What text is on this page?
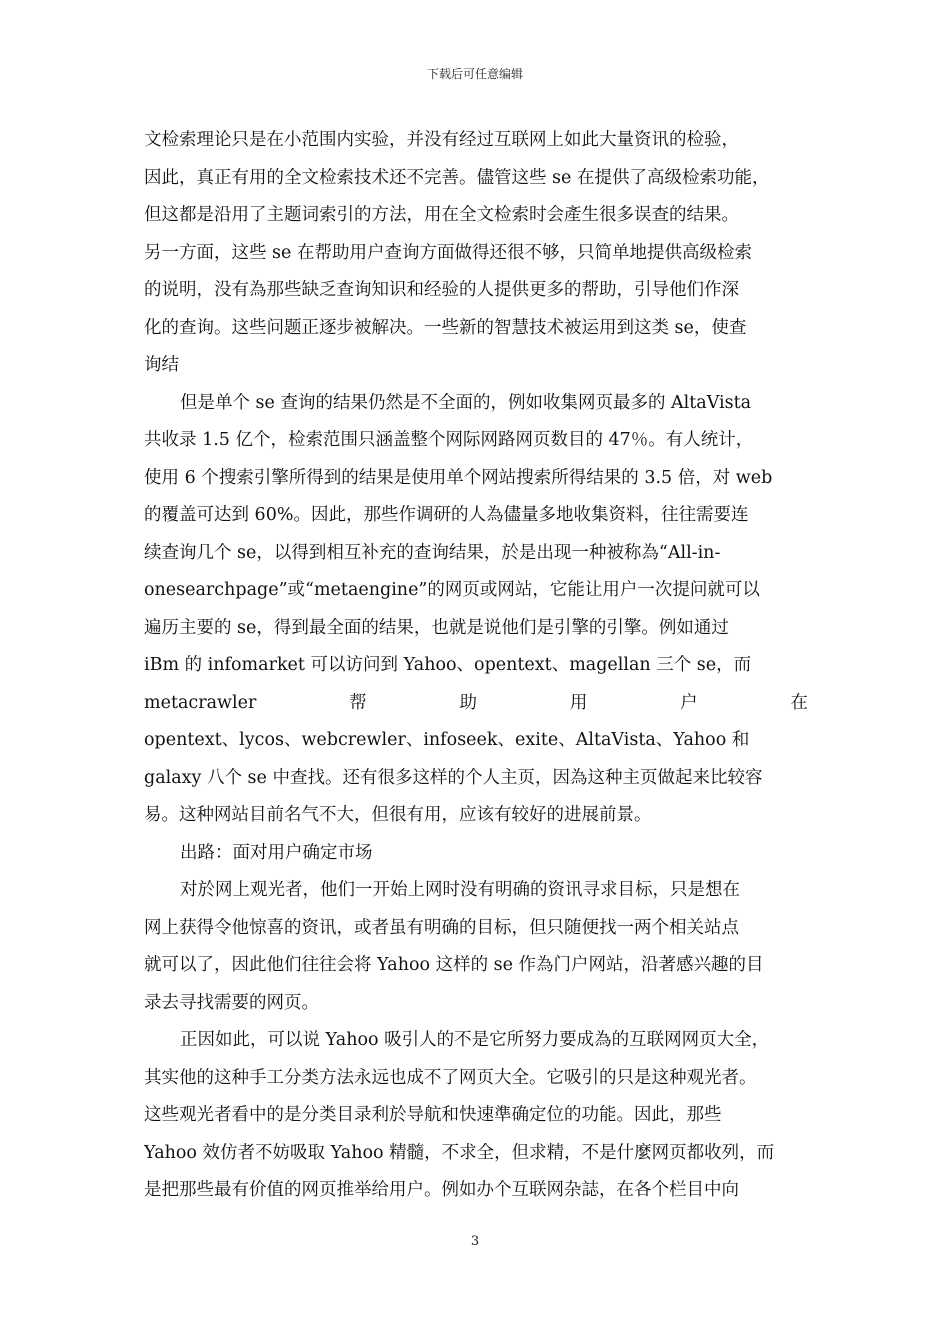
下载后可任意编辑
文检索理论只是在小范围内实验，并没有经过互联网上如此大量资讯的检验，
因此，真正有用的全文检索技术还不完善。儘管这些 se 在提供了高级检索功能，
但这都是沿用了主题词索引的方法，用在全文检索时会產生很多误查的结果。
另一方面，这些 se 在帮助用户查询方面做得还很不够，只简单地提供高级检索
的说明，没有為那些缺乏查询知识和经验的人提供更多的帮助，引导他们作深
化的查询。这些问题正逐步被解决。一些新的智慧技术被运用到这类 se，使查
询结
但是单个 se 查询的结果仍然是不全面的，例如收集网页最多的 AltaVista
共收录 1.5 亿个，检索范围只涵盖整个网际网路网页数目的 47％。有人统计，
使用 6 个搜索引擎所得到的结果是使用单个网站搜索所得结果的 3.5 倍，对 web
的覆盖可达到 60%。因此，那些作调研的人為儘量多地收集资料，往往需要连
续查询几个 se，以得到相互补充的查询结果，於是出现一种被称為“All-in-
onesearchpage”或“metaengine”的网页或网站，它能让用户一次提问就可以
遍历主要的 se，得到最全面的结果，也就是说他们是引擎的引擎。例如通过
iBm 的 infomarket 可以访问到 Yahoo、opentext、magellan 三个 se，而
metacrawler	帮	助	用	户	在
opentext、lycos、webcrewler、infoseek、exite、AltaVista、Yahoo 和
galaxy 八个 se 中查找。还有很多这样的个人主页，因為这种主页做起来比较容
易。这种网站目前名气不大，但很有用，应该有较好的进展前景。
出路：面对用户确定市场
对於网上观光者，他们一开始上网时没有明确的资讯寻求目标，只是想在
网上获得令他惊喜的资讯，或者虽有明确的目标，但只随便找一两个相关站点
就可以了，因此他们往往会将 Yahoo 这样的 se 作為门户网站，沿著感兴趣的目
录去寻找需要的网页。
正因如此，可以说 Yahoo 吸引人的不是它所努力要成為的互联网网页大全，
其实他的这种手工分类方法永远也成不了网页大全。它吸引的只是这种观光者。
这些观光者看中的是分类目录利於导航和快速準确定位的功能。因此，那些
Yahoo 效仿者不妨吸取 Yahoo 精髓，不求全，但求精，不是什麼网页都收列，而
是把那些最有价值的网页推举给用户。例如办个互联网杂誌，在各个栏目中向
3
